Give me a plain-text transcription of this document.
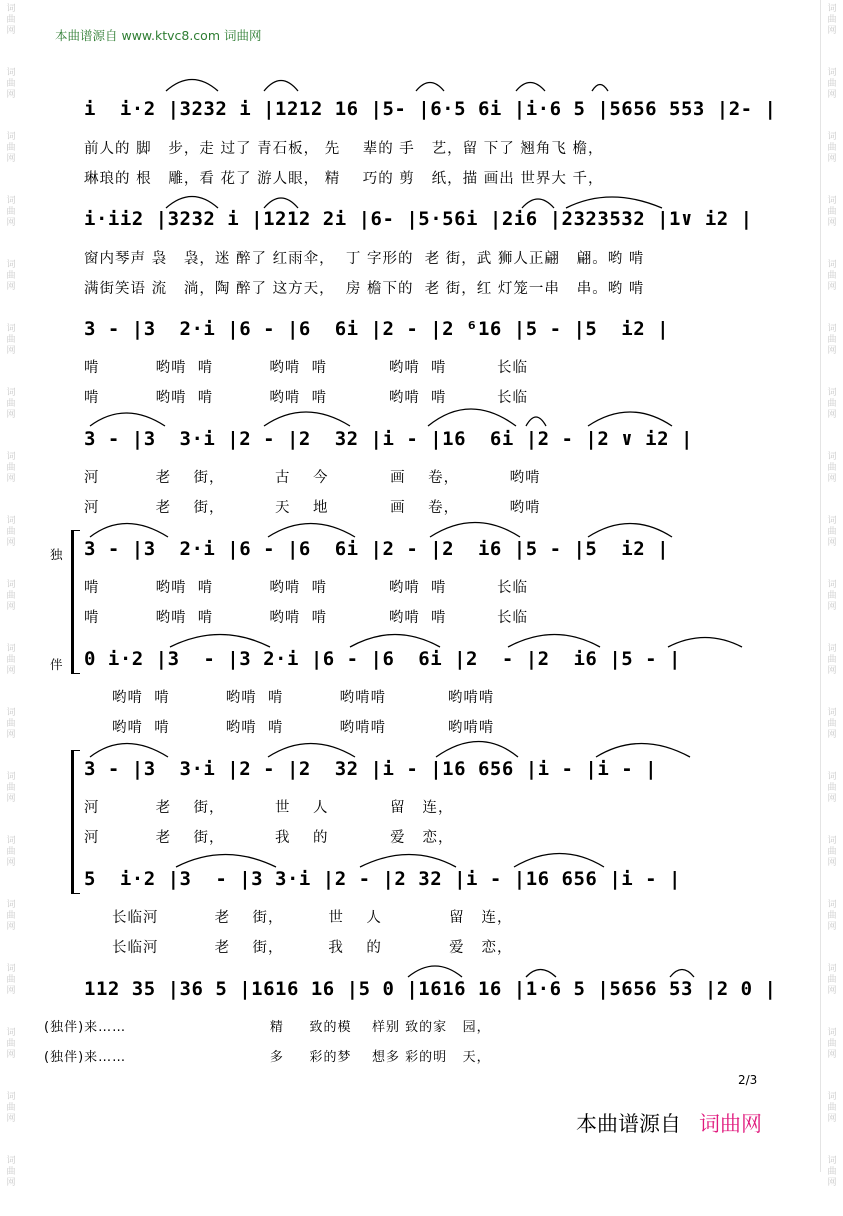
词
曲
网
词
曲
网
词
曲
网
词
曲
网
词
曲
网
词
曲
网
词
曲
网
词
曲
网
词
曲
网
词
曲
网
词
曲
网
词
曲
网
词
曲
网
词
曲
网
词
曲
网
词
曲
网
词
曲
网
词
曲
网
词
曲
网
词
曲
网
词
曲
网
词
曲
网
词
曲
网
词
曲
网
词
曲
网
词
曲
网
词
曲
网
词
曲
网
词
曲
网
词
曲
网
词
曲
网
词
曲
网
词
曲
网
词
曲
网
词
曲
网
词
曲
网
词
曲
网
词
曲
网
本曲谱源自 www.ktvc8.com 词曲网
i  i·2 |3232 i |1212 16 |5- |6·5 6i |i·6 5 |5656 553 |2- |
前人的 脚   步，走 过了 青石板， 先    辈的 手   艺，留 下了 翘角飞 檐，
琳琅的 根   雕，看 花了 游人眼， 精    巧的 剪   纸，描 画出 世界大 千，
i·ii2 |3232 i |1212 2i |6- |5·56i |2i6 |2323532 |1∨ i2 |
窗内琴声 袅   袅，迷 醉了 红雨伞，  丁 字形的  老 街，武 狮人正翩   翩。哟 啃
满街笑语 流   淌，陶 醉了 这方天，  房 檐下的  老 街，红 灯笼一串   串。哟 啃
3 - |3  2·i |6 - |6  6i |2 - |2 ⁶16 |5 - |5  i2 |
啃          哟啃  啃          哟啃  啃           哟啃  啃         长临
啃          哟啃  啃          哟啃  啃           哟啃  啃         长临
3 - |3  3·i |2 - |2  32 |i - |16  6i |2 - |2 ∨ i2 |
河          老    街，         古    今           画    卷，         哟啃
河          老    街，         天    地           画    卷，         哟啃
独
伴
3 - |3  2·i |6 - |6  6i |2 - |2  i6 |5 - |5  i2 |
啃          哟啃  啃          哟啃  啃           哟啃  啃         长临
啃          哟啃  啃          哟啃  啃           哟啃  啃         长临
0 i·2 |3  - |3 2·i |6 - |6  6i |2  - |2  i6 |5 - |
哟啃  啃          哟啃  啃          哟啃啃           哟啃啃
哟啃  啃          哟啃  啃          哟啃啃           哟啃啃
3 - |3  3·i |2 - |2  32 |i - |16 656 |i - |i - |
河          老    街，         世    人           留   连，
河          老    街，         我    的           爱   恋，
5  i·2 |3  - |3 3·i |2 - |2 32 |i - |16 656 |i - |
长临河          老    街，        世    人            留   连，
长临河          老    街，        我    的            爱   恋，
112 35 |36 5 |1616 16 |5 0 |1616 16 |1·6 5 |5656 53 |2 0 |
(独伴)来……                            精     致的模    样别 致的家   园，
(独伴)来……                            多     彩的梦    想多 彩的明   天，
2/3
本曲谱源自 词曲网
